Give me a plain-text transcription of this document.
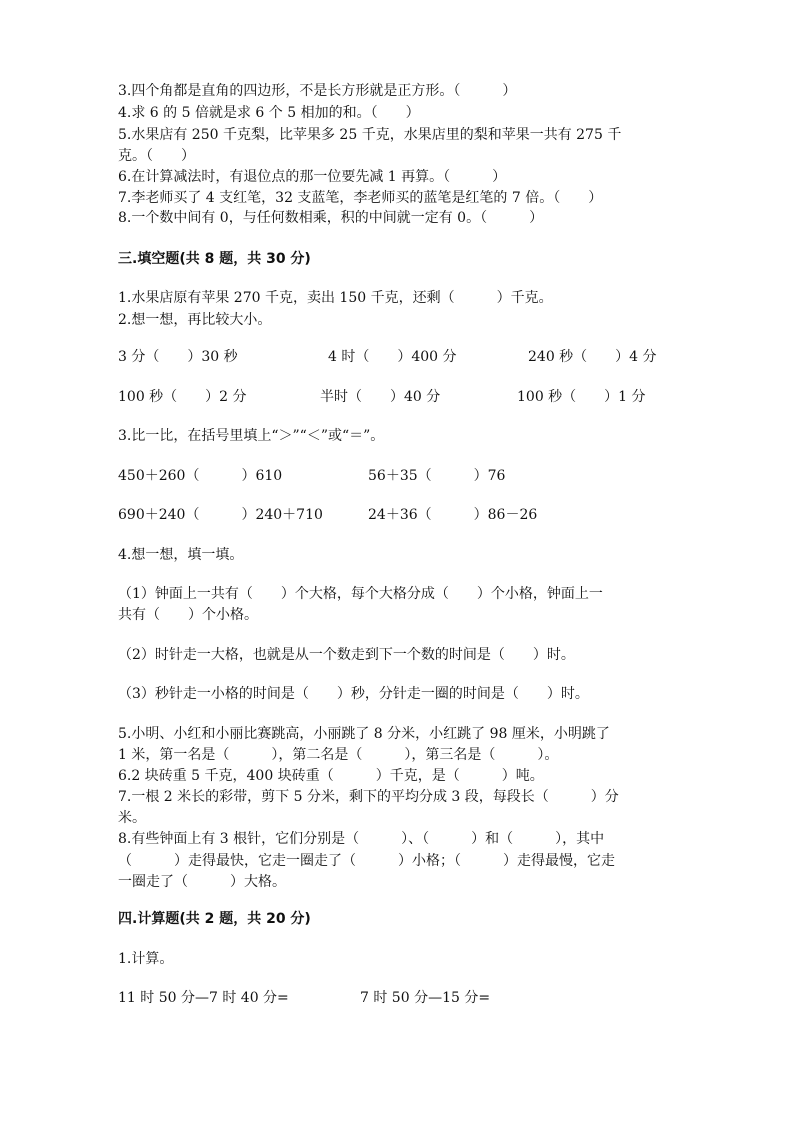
3.四个角都是直角的四边形，不是长方形就是正方形。（　　　）
4.求 6 的 5 倍就是求 6 个 5 相加的和。（　　）
5.水果店有 250 千克梨，比苹果多 25 千克，水果店里的梨和苹果一共有 275 千
克。（　　）
6.在计算减法时，有退位点的那一位要先减 1 再算。（　　　）
7.李老师买了 4 支红笔，32 支蓝笔，李老师买的蓝笔是红笔的 7 倍。（　　）
8.一个数中间有 0，与任何数相乘，积的中间就一定有 0。（　　　）
三.填空题(共 8 题，共 30 分)
1.水果店原有苹果 270 千克，卖出 150 千克，还剩（　　　）千克。
2.想一想，再比较大小。
3 分（　　）30 秒	4 时（　　）400 分	240 秒（　　）4 分
100 秒（　　）2 分	半时（　　）40 分	100 秒（　　）1 分
3.比一比，在括号里填上“＞”“＜”或“＝”。
450＋260（　　　）610	56＋35（　　　）76
690＋240（　　　）240＋710	24＋36（　　　）86－26
4.想一想，填一填。
（1）钟面上一共有（　　）个大格，每个大格分成（　　）个小格，钟面上一
共有（　　）个小格。
（2）时针走一大格，也就是从一个数走到下一个数的时间是（　　）时。
（3）秒针走一小格的时间是（　　）秒，分针走一圈的时间是（　　）时。
5.小明、小红和小丽比赛跳高，小丽跳了 8 分米，小红跳了 98 厘米，小明跳了
1 米，第一名是（　　　），第二名是（　　　），第三名是（　　　）。
6.2 块砖重 5 千克，400 块砖重（　　　）千克，是（　　　）吨。
7.一根 2 米长的彩带，剪下 5 分米，剩下的平均分成 3 段，每段长（　　　）分
米。
8.有些钟面上有 3 根针，它们分别是（　　　）、（　　　）和（　　　），其中
（　　　）走得最快，它走一圈走了（　　　）小格；（　　　）走得最慢，它走
一圈走了（　　　）大格。
四.计算题(共 2 题，共 20 分)
1.计算。
11 时 50 分—7 时 40 分=	7 时 50 分—15 分=
